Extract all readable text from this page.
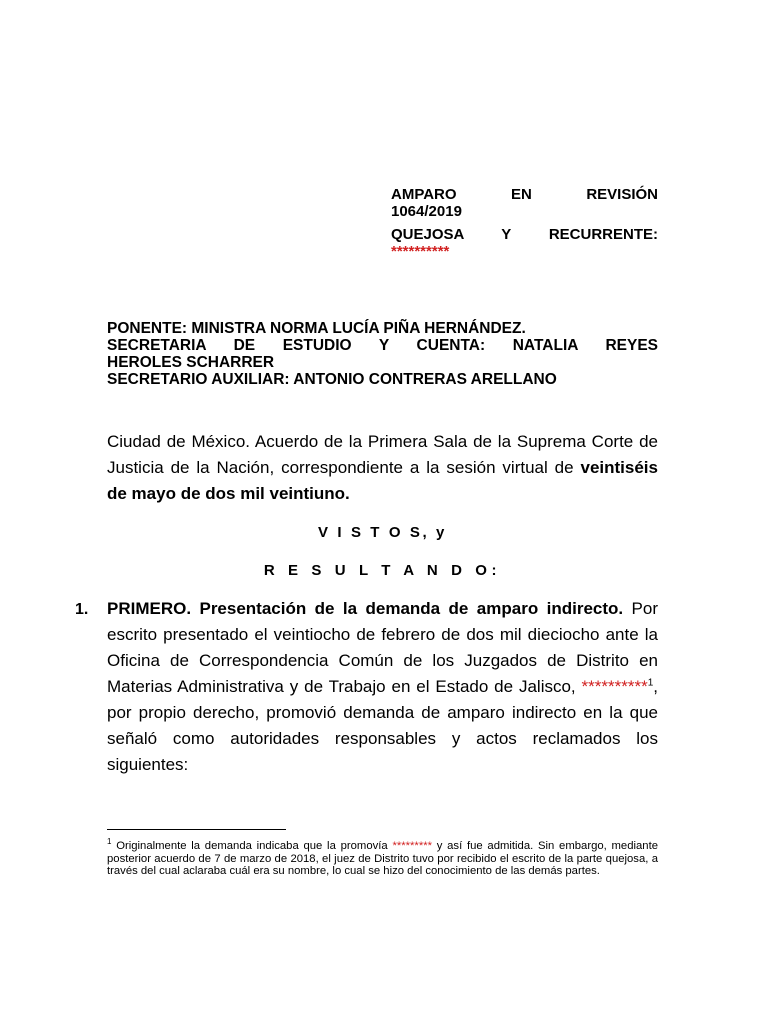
AMPARO EN REVISIÓN

1064/2019

QUEJOSA Y RECURRENTE:

**********

PONENTE: MINISTRA NORMA LUCÍA PIÑA HERNÁNDEZ.

SECRETARIA DE ESTUDIO Y CUENTA: NATALIA REYES

HEROLES SCHARRER

SECRETARIO AUXILIAR: ANTONIO CONTRERAS ARELLANO

Ciudad de México. Acuerdo de la Primera Sala de la Suprema Corte de Justicia de la Nación, correspondiente a la sesión virtual de veintiséis de mayo de dos mil veintiuno.

V I S T O S, y

R E S U L T A N D O:

1. PRIMERO. Presentación de la demanda de amparo indirecto. Por escrito presentado el veintiocho de febrero de dos mil dieciocho ante la Oficina de Correspondencia Común de los Juzgados de Distrito en Materias Administrativa y de Trabajo en el Estado de Jalisco, **********$^1$, por propio derecho, promovió demanda de amparo indirecto en la que señaló como autoridades responsables y actos reclamados los siguientes:

$^1$ Originalmente la demanda indicaba que la promovía ********* y así fue admitida. Sin embargo, mediante posterior acuerdo de 7 de marzo de 2018, el juez de Distrito tuvo por recibido el escrito de la parte quejosa, a través del cual aclaraba cuál era su nombre, lo cual se hizo del conocimiento de las demás partes.
